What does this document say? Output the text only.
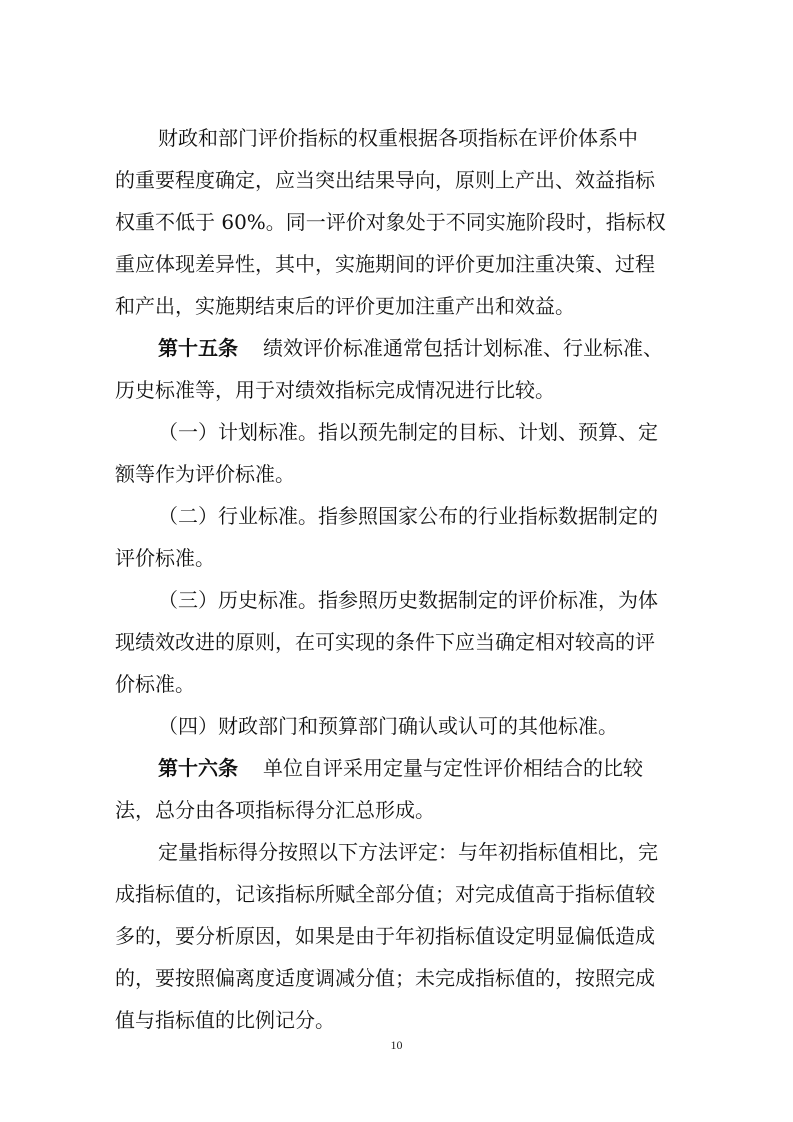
财政和部门评价指标的权重根据各项指标在评价体系中

的重要程度确定，应当突出结果导向，原则上产出、效益指标

权重不低于 60%。同一评价对象处于不同实施阶段时，指标权

重应体现差异性，其中，实施期间的评价更加注重决策、过程

和产出，实施期结束后的评价更加注重产出和效益。

第十五条

绩效评价标准通常包括计划标准、行业标准、

历史标准等，用于对绩效指标完成情况进行比较。

（一）计划标准。指以预先制定的目标、计划、预算、定

额等作为评价标准。

（二）行业标准。指参照国家公布的行业指标数据制定的

评价标准。

（三）历史标准。指参照历史数据制定的评价标准，为体

现绩效改进的原则，在可实现的条件下应当确定相对较高的评

价标准。

（四）财政部门和预算部门确认或认可的其他标准。

第十六条

单位自评采用定量与定性评价相结合的比较

法，总分由各项指标得分汇总形成。

定量指标得分按照以下方法评定：与年初指标值相比，完

成指标值的，记该指标所赋全部分值；对完成值高于指标值较

多的，要分析原因，如果是由于年初指标值设定明显偏低造成

的，要按照偏离度适度调减分值；未完成指标值的，按照完成

值与指标值的比例记分。

10
